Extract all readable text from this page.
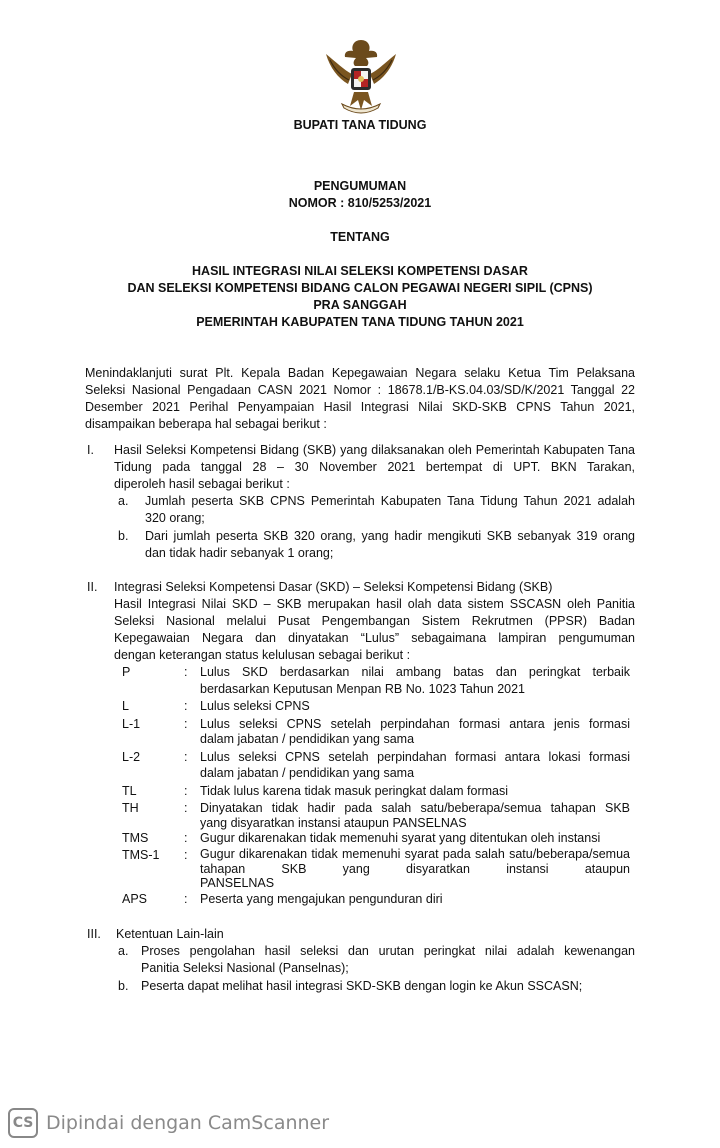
BUPATI TANA TIDUNG
PENGUMUMAN
NOMOR : 810/5253/2021
TENTANG
HASIL INTEGRASI NILAI SELEKSI KOMPETENSI DASAR
DAN SELEKSI KOMPETENSI BIDANG CALON PEGAWAI NEGERI SIPIL (CPNS)
PRA SANGGAH
PEMERINTAH KABUPATEN TANA TIDUNG TAHUN 2021
Menindaklanjuti surat Plt. Kepala Badan Kepegawaian Negara selaku Ketua Tim Pelaksana Seleksi Nasional Pengadaan CASN 2021 Nomor : 18678.1/B-KS.04.03/SD/K/2021 Tanggal 22 Desember 2021 Perihal Penyampaian Hasil Integrasi Nilai SKD-SKB CPNS Tahun 2021,
disampaikan beberapa hal sebagai berikut :
I. Hasil Seleksi Kompetensi Bidang (SKB) yang dilaksanakan oleh Pemerintah Kabupaten Tana Tidung pada tanggal 28 – 30 November 2021 bertempat di UPT. BKN Tarakan,
diperoleh hasil sebagai berikut :
a. Jumlah peserta SKB CPNS Pemerintah Kabupaten Tana Tidung Tahun 2021 adalah
320 orang;
b. Dari jumlah peserta SKB 320 orang, yang hadir mengikuti SKB sebanyak 319 orang
dan tidak hadir sebanyak 1 orang;
II. Integrasi Seleksi Kompetensi Dasar (SKD) – Seleksi Kompetensi Bidang (SKB)
Hasil Integrasi Nilai SKD – SKB merupakan hasil olah data sistem SSCASN oleh Panitia Seleksi Nasional melalui Pusat Pengembangan Sistem Rekrutmen (PPSR) Badan Kepegawaian Negara dan dinyatakan “Lulus” sebagaimana lampiran pengumuman
dengan keterangan status kelulusan sebagai berikut :
P	: Lulus SKD berdasarkan nilai ambang batas dan peringkat terbaik
berdasarkan Keputusan Menpan RB No. 1023 Tahun 2021
L	: Lulus seleksi CPNS
L-1	: Lulus seleksi CPNS setelah perpindahan formasi antara jenis formasi
dalam jabatan / pendidikan yang sama
L-2	: Lulus seleksi CPNS setelah perpindahan formasi antara lokasi formasi
dalam jabatan / pendidikan yang sama
TL	: Tidak lulus karena tidak masuk peringkat dalam formasi
TH	: Dinyatakan tidak hadir pada salah satu/beberapa/semua tahapan SKB
yang disyaratkan instansi ataupun PANSELNAS
TMS	: Gugur dikarenakan tidak memenuhi syarat yang ditentukan oleh instansi
TMS-1 : Gugur dikarenakan tidak memenuhi syarat pada salah satu/beberapa/semua tahapan SKB yang disyaratkan instansi ataupun
PANSELNAS
APS	: Peserta yang mengajukan pengunduran diri
III. Ketentuan Lain-lain
a. Proses pengolahan hasil seleksi dan urutan peringkat nilai adalah kewenangan
Panitia Seleksi Nasional (Panselnas);
b. Peserta dapat melihat hasil integrasi SKD-SKB dengan login ke Akun SSCASN;
CS Dipindai dengan CamScanner
